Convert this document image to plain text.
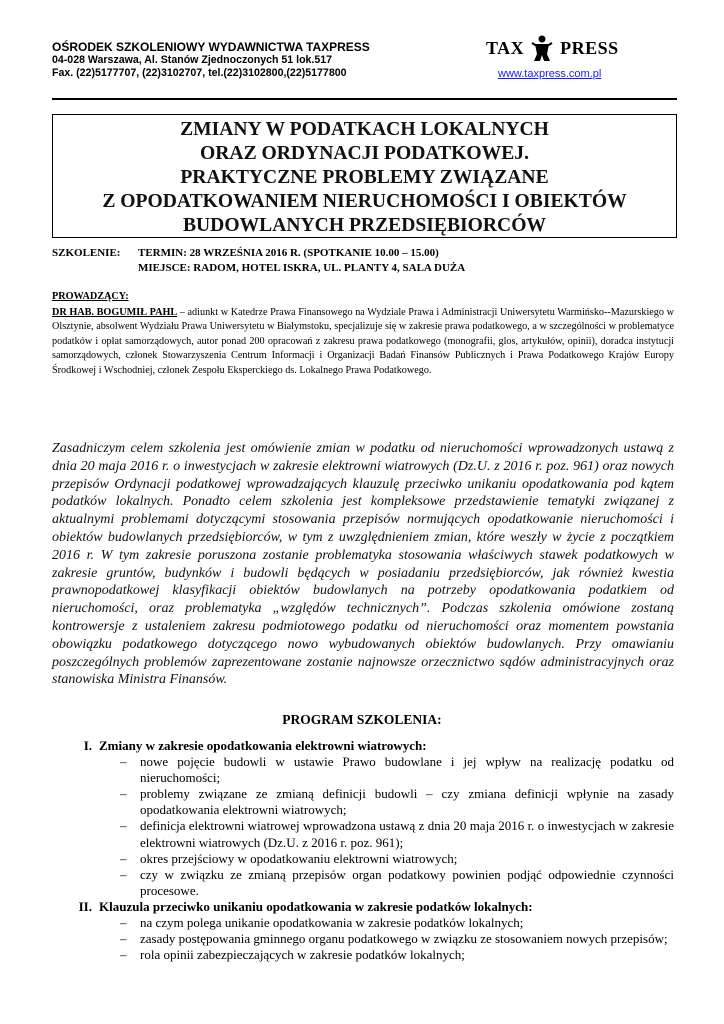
OŚRODEK SZKOLENIOWY WYDAWNICTWA TAXPRESS
04-028 Warszawa, Al. Stanów Zjednoczonych 51 lok.517
Fax. (22)5177707, (22)3102707, tel.(22)3102800,(22)5177800
TAX PRESS
www.taxpress.com.pl
ZMIANY W PODATKACH LOKALNYCH
ORAZ ORDYNACJI PODATKOWEJ.
PRAKTYCZNE PROBLEMY ZWIĄZANE
Z OPODATKOWANIEM NIERUCHOMOŚCI I OBIEKTÓW
BUDOWLANYCH PRZEDSIĘBIORCÓW
SZKOLENIE:	TERMIN: 28 WRZEŚNIA 2016 R. (SPOTKANIE 10.00 – 15.00)
MIEJSCE: RADOM, HOTEL ISKRA, UL. PLANTY 4, SALA DUŻA
PROWADZĄCY:
DR HAB. BOGUMIŁ PAHL – adiunkt w Katedrze Prawa Finansowego na Wydziale Prawa i Administracji Uniwersytetu Warmińsko--Mazurskiego w Olsztynie, absolwent Wydziału Prawa Uniwersytetu w Białymstoku, specjalizuje się w zakresie prawa podatkowego, a w szczególności w problematyce podatków i opłat samorządowych, autor ponad 200 opracowań z zakresu prawa podatkowego (monografii, glos, artykułów, opinii), doradca instytucji samorządowych, członek Stowarzyszenia Centrum Informacji i Organizacji Badań Finansów Publicznych i Prawa Podatkowego Krajów Europy Środkowej i Wschodniej, członek Zespołu Eksperckiego ds. Lokalnego Prawa Podatkowego.
Zasadniczym celem szkolenia jest omówienie zmian w podatku od nieruchomości wprowadzonych ustawą z dnia 20 maja 2016 r. o inwestycjach w zakresie elektrowni wiatrowych (Dz.U. z 2016 r. poz. 961) oraz nowych przepisów Ordynacji podatkowej wprowadzających klauzulę przeciwko unikaniu opodatkowania pod kątem podatków lokalnych. Ponadto celem szkolenia jest kompleksowe przedstawienie tematyki związanej z aktualnymi problemami dotyczącymi stosowania przepisów normujących opodatkowanie nieruchomości i obiektów budowlanych przedsiębiorców, w tym z uwzględnieniem zmian, które weszły w życie z początkiem 2016 r. W tym zakresie poruszona zostanie problematyka stosowania właściwych stawek podatkowych w zakresie gruntów, budynków i budowli będących w posiadaniu przedsiębiorców, jak również kwestia prawnopodatkowej klasyfikacji obiektów budowlanych na potrzeby opodatkowania podatkiem od nieruchomości, oraz problematyka „względów technicznych”. Podczas szkolenia omówione zostaną kontrowersje z ustaleniem zakresu podmiotowego podatku od nieruchomości oraz momentem powstania obowiązku podatkowego dotyczącego nowo wybudowanych obiektów budowlanych. Przy omawianiu poszczególnych problemów zaprezentowane zostanie najnowsze orzecznictwo sądów administracyjnych oraz stanowiska Ministra Finansów.
PROGRAM SZKOLENIA:
I. Zmiany w zakresie opodatkowania elektrowni wiatrowych:
– nowe pojęcie budowli w ustawie Prawo budowlane i jej wpływ na realizację podatku od nieruchomości;
– problemy związane ze zmianą definicji budowli – czy zmiana definicji wpłynie na zasady opodatkowania elektrowni wiatrowych;
– definicja elektrowni wiatrowej wprowadzona ustawą z dnia 20 maja 2016 r. o inwestycjach w zakresie elektrowni wiatrowych (Dz.U. z 2016 r. poz. 961);
– okres przejściowy w opodatkowaniu elektrowni wiatrowych;
– czy w związku ze zmianą przepisów organ podatkowy powinien podjąć odpowiednie czynności procesowe.
II. Klauzula przeciwko unikaniu opodatkowania w zakresie podatków lokalnych:
– na czym polega unikanie opodatkowania w zakresie podatków lokalnych;
– zasady postępowania gminnego organu podatkowego w związku ze stosowaniem nowych przepisów;
– rola opinii zabezpieczających w zakresie podatków lokalnych;
